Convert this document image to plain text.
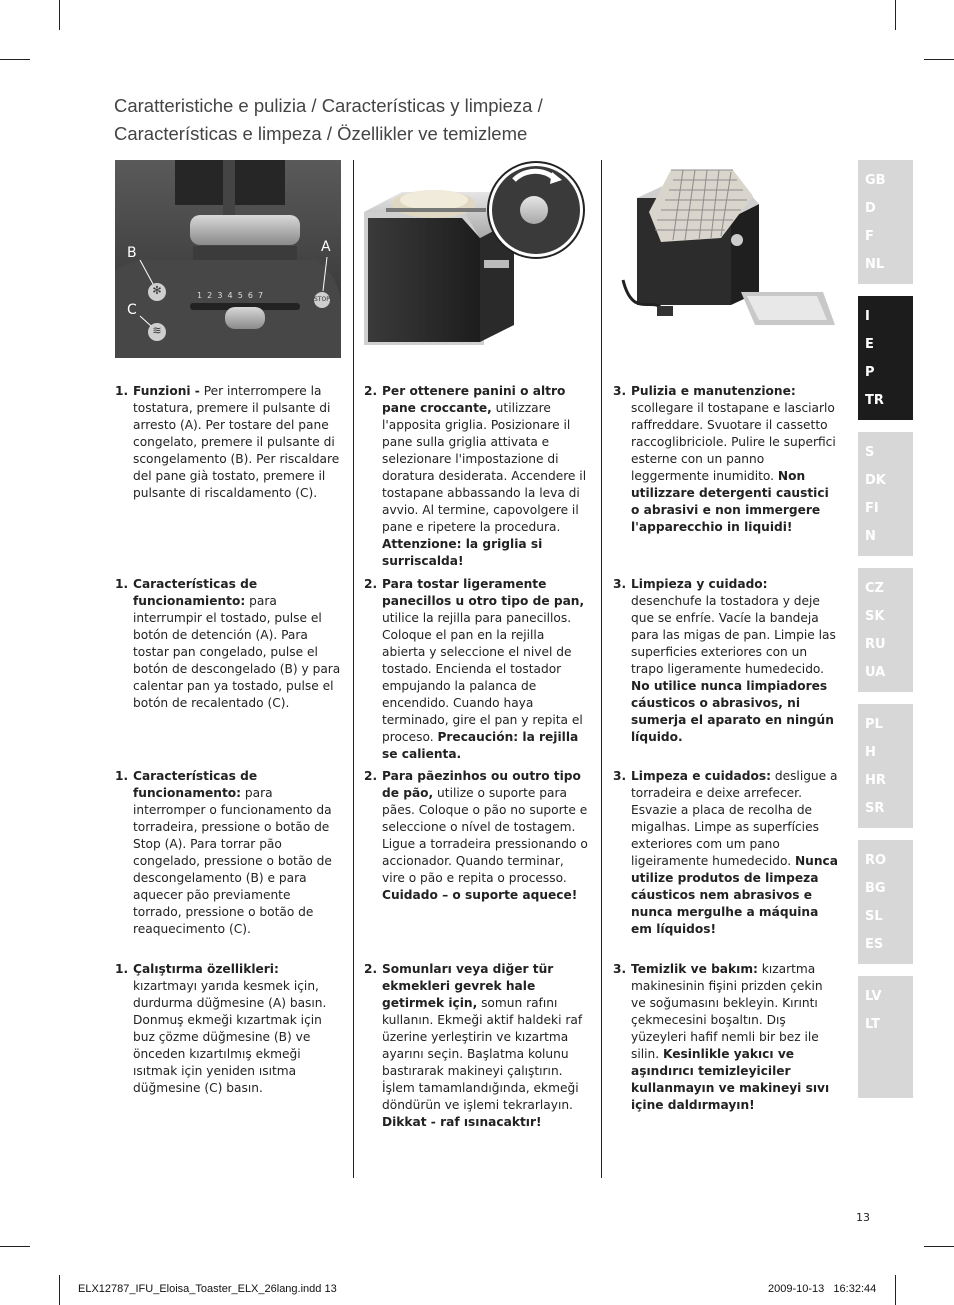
Caratteristiche e pulizia / Características y limpieza /
Características e limpeza / Özellikler ve temizleme
B
C
A
1  2  3  4  5  6  7	STOP
✻
≋
1. Funzioni - Per interrompere la tostatura, premere il pulsante di arresto (A). Per tostare del pane congelato, premere il pulsante di scongelamento (B). Per riscaldare del pane già tostato, premere il pulsante di riscaldamento (C).
1. Características de funcionamiento: para interrumpir el tostado, pulse el botón de detención (A). Para tostar pan congelado, pulse el botón de descongelado (B) y para calentar pan ya tostado, pulse el botón de recalentado (C).
1. Características de funcionamento: para interromper o funcionamento da torradeira, pressione o botão de Stop (A). Para torrar pão congelado, pressione o botão de descongelamento (B) e para aquecer pão previamente torrado, pressione o botão de reaquecimento (C).
1. Çalıştırma özellikleri: kızartmayı yarıda kesmek için, durdurma düğmesine (A) basın. Donmuş ekmeği kızartmak için buz çözme düğmesine (B) ve önceden kızartılmış ekmeği ısıtmak için yeniden ısıtma düğmesine (C) basın.
2. Per ottenere panini o altro pane croccante, utilizzare l'apposita griglia. Posizionare il pane sulla griglia attivata e selezionare l'impostazione di doratura desiderata. Accendere il tostapane abbassando la leva di avvio. Al termine, capovolgere il pane e ripetere la procedura. Attenzione: la griglia si surriscalda!
2. Para tostar ligeramente panecillos u otro tipo de pan, utilice la rejilla para panecillos. Coloque el pan en la rejilla abierta y seleccione el nivel de tostado. Encienda el tostador empujando la palanca de encendido. Cuando haya terminado, gire el pan y repita el proceso. Precaución: la rejilla se calienta.
2. Para pãezinhos ou outro tipo de pão, utilize o suporte para pães. Coloque o pão no suporte e seleccione o nível de tostagem. Ligue a torradeira pressionando o accionador. Quando terminar, vire o pão e repita o processo. Cuidado – o suporte aquece!
2. Somunları veya diğer tür ekmekleri gevrek hale getirmek için, somun rafını kullanın. Ekmeği aktif haldeki raf üzerine yerleştirin ve kızartma ayarını seçin. Başlatma kolunu bastırarak makineyi çalıştırın. İşlem tamamlandığında, ekmeği döndürün ve işlemi tekrarlayın. Dikkat - raf ısınacaktır!
3. Pulizia e manutenzione: scollegare il tostapane e lasciarlo raffreddare. Svuotare il cassetto raccoglibriciole. Pulire le superfici esterne con un panno leggermente inumidito. Non utilizzare detergenti caustici o abrasivi e non immergere l'apparecchio in liquidi!
3. Limpieza y cuidado: desenchufe la tostadora y deje que se enfríe. Vacíe la bandeja para las migas de pan. Limpie las superficies exteriores con un trapo ligeramente humedecido. No utilice nunca limpiadores cáusticos o abrasivos, ni sumerja el aparato en ningún líquido.
3. Limpeza e cuidados: desligue a torradeira e deixe arrefecer. Esvazie a placa de recolha de migalhas. Limpe as superfícies exteriores com um pano ligeiramente humedecido. Nunca utilize produtos de limpeza cáusticos nem abrasivos e nunca mergulhe a máquina em líquidos!
3. Temizlik ve bakım: kızartma makinesinin fişini prizden çekin ve soğumasını bekleyin. Kırıntı çekmecesini boşaltın. Dış yüzeyleri hafif nemli bir bez ile silin. Kesinlikle yakıcı ve aşındırıcı temizleyiciler kullanmayın ve makineyi sıvı içine daldırmayın!
GB
D
F
NL
I
E
P
TR
S
DK
FI
N
CZ
SK
RU
UA
PL
H
HR
SR
RO
BG
SL
ES
LV
LT
13
ELX12787_IFU_Eloisa_Toaster_ELX_26lang.indd 13	2009-10-13   16:32:44
